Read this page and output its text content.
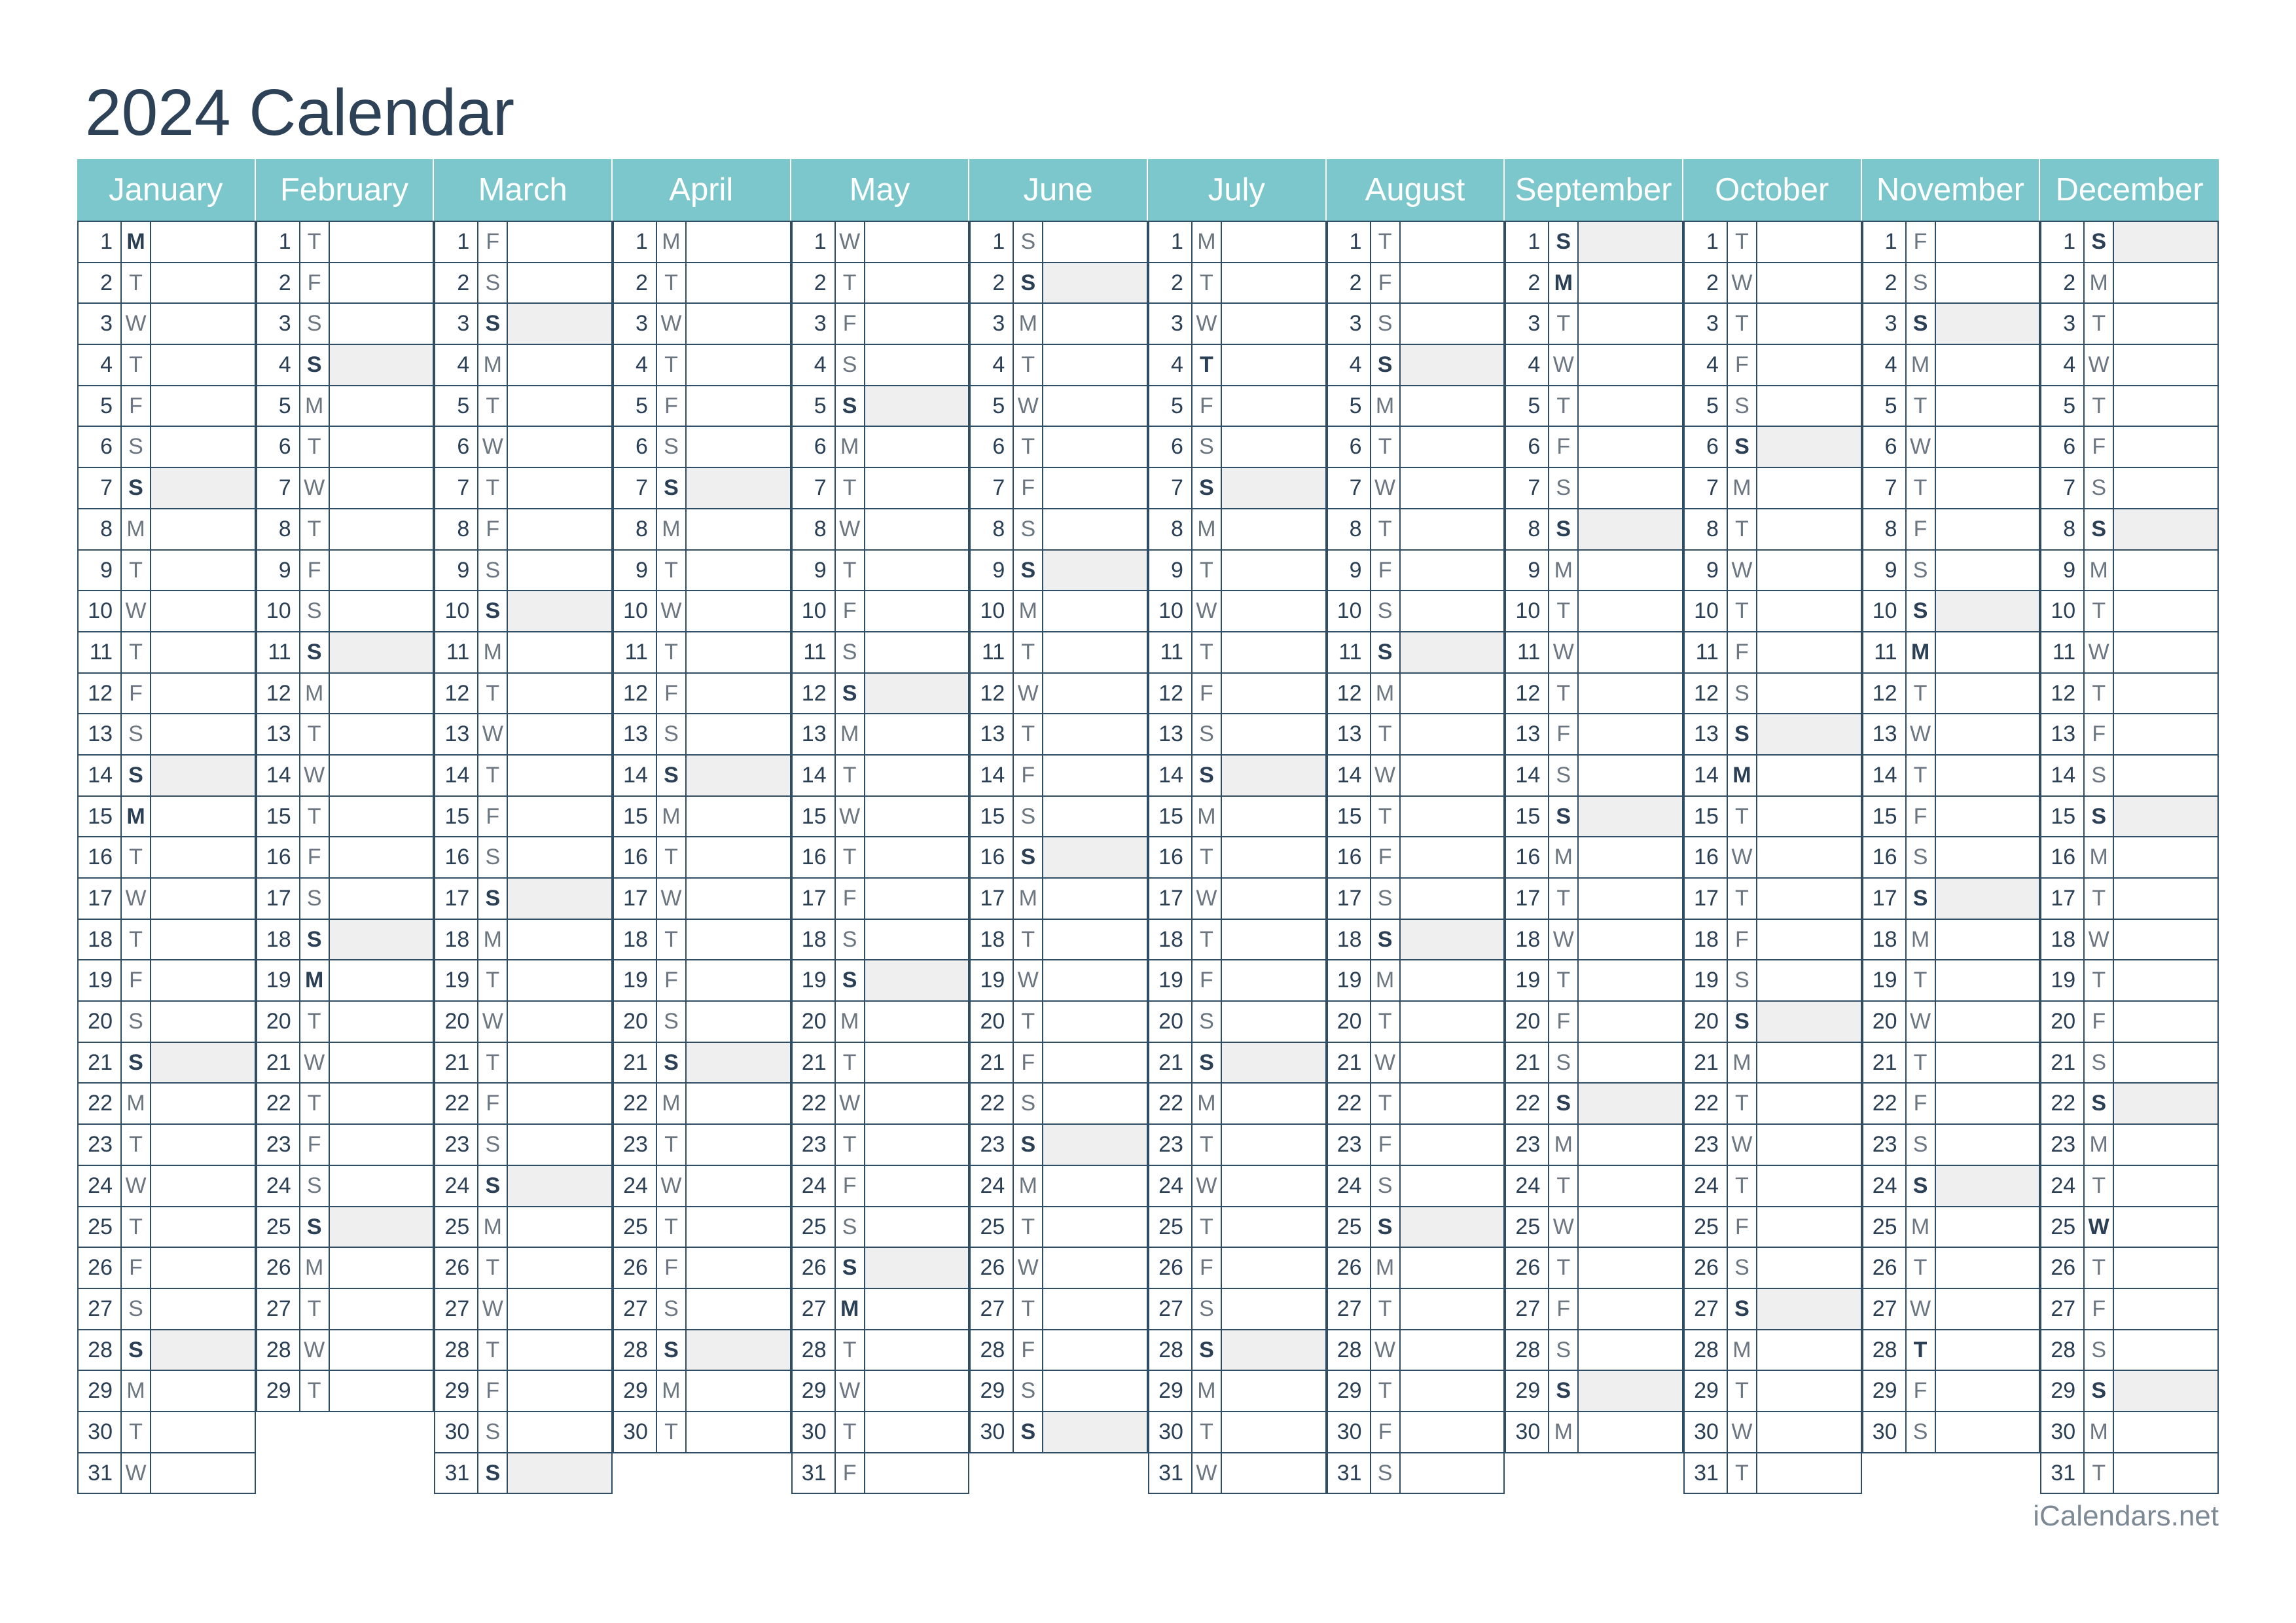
2024 Calendar
January
1 M
2 T
3 W
4 T
5 F
6 S
7 S
8 M
9 T
10 W
11 T
12 F
13 S
14 S
15 M
16 T
17 W
18 T
19 F
20 S
21 S
22 M
23 T
24 W
25 T
26 F
27 S
28 S
29 M
30 T
31 W
February
1 T
2 F
3 S
4 S
5 M
6 T
7 W
8 T
9 F
10 S
11 S
12 M
13 T
14 W
15 T
16 F
17 S
18 S
19 M
20 T
21 W
22 T
23 F
24 S
25 S
26 M
27 T
28 W
29 T
March
1 F
2 S
3 S
4 M
5 T
6 W
7 T
8 F
9 S
10 S
11 M
12 T
13 W
14 T
15 F
16 S
17 S
18 M
19 T
20 W
21 T
22 F
23 S
24 S
25 M
26 T
27 W
28 T
29 F
30 S
31 S
April
1 M
2 T
3 W
4 T
5 F
6 S
7 S
8 M
9 T
10 W
11 T
12 F
13 S
14 S
15 M
16 T
17 W
18 T
19 F
20 S
21 S
22 M
23 T
24 W
25 T
26 F
27 S
28 S
29 M
30 T
May
1 W
2 T
3 F
4 S
5 S
6 M
7 T
8 W
9 T
10 F
11 S
12 S
13 M
14 T
15 W
16 T
17 F
18 S
19 S
20 M
21 T
22 W
23 T
24 F
25 S
26 S
27 M
28 T
29 W
30 T
31 F
June
1 S
2 S
3 M
4 T
5 W
6 T
7 F
8 S
9 S
10 M
11 T
12 W
13 T
14 F
15 S
16 S
17 M
18 T
19 W
20 T
21 F
22 S
23 S
24 M
25 T
26 W
27 T
28 F
29 S
30 S
July
1 M
2 T
3 W
4 T
5 F
6 S
7 S
8 M
9 T
10 W
11 T
12 F
13 S
14 S
15 M
16 T
17 W
18 T
19 F
20 S
21 S
22 M
23 T
24 W
25 T
26 F
27 S
28 S
29 M
30 T
31 W
August
1 T
2 F
3 S
4 S
5 M
6 T
7 W
8 T
9 F
10 S
11 S
12 M
13 T
14 W
15 T
16 F
17 S
18 S
19 M
20 T
21 W
22 T
23 F
24 S
25 S
26 M
27 T
28 W
29 T
30 F
31 S
September
1 S
2 M
3 T
4 W
5 T
6 F
7 S
8 S
9 M
10 T
11 W
12 T
13 F
14 S
15 S
16 M
17 T
18 W
19 T
20 F
21 S
22 S
23 M
24 T
25 W
26 T
27 F
28 S
29 S
30 M
October
1 T
2 W
3 T
4 F
5 S
6 S
7 M
8 T
9 W
10 T
11 F
12 S
13 S
14 M
15 T
16 W
17 T
18 F
19 S
20 S
21 M
22 T
23 W
24 T
25 F
26 S
27 S
28 M
29 T
30 W
31 T
November
1 F
2 S
3 S
4 M
5 T
6 W
7 T
8 F
9 S
10 S
11 M
12 T
13 W
14 T
15 F
16 S
17 S
18 M
19 T
20 W
21 T
22 F
23 S
24 S
25 M
26 T
27 W
28 T
29 F
30 S
December
1 S
2 M
3 T
4 W
5 T
6 F
7 S
8 S
9 M
10 T
11 W
12 T
13 F
14 S
15 S
16 M
17 T
18 W
19 T
20 F
21 S
22 S
23 M
24 T
25 W
26 T
27 F
28 S
29 S
30 M
31 T
iCalendars.net
